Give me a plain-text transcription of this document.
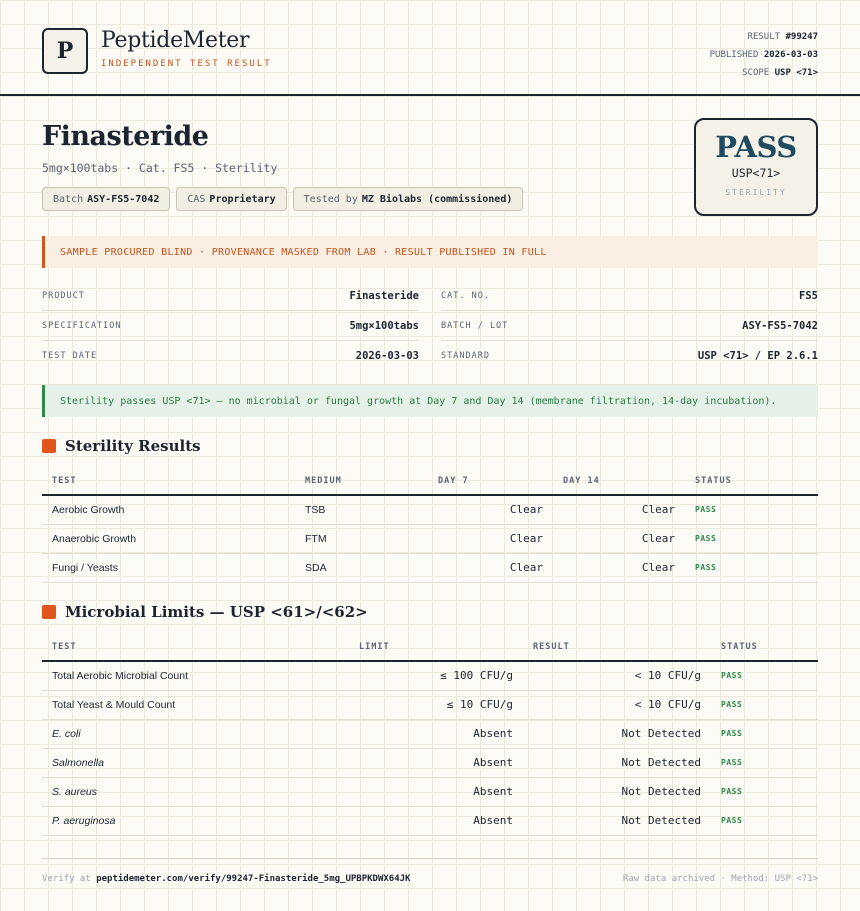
P	PeptideMeter
INDEPENDENT TEST RESULT
RESULT #99247
PUBLISHED 2026-03-03
SCOPE USP <71>
Finasteride
5mg×100tabs · Cat. FS5 · Sterility
Batch ASY-FS5-7042	CAS Proprietary	Tested by MZ Biolabs (commissioned)
PASS
USP<71>
STERILITY
SAMPLE PROCURED BLIND · PROVENANCE MASKED FROM LAB · RESULT PUBLISHED IN FULL
PRODUCT	Finasteride	CAT. NO.	FS5
SPECIFICATION	5mg×100tabs	BATCH / LOT	ASY-FS5-7042
TEST DATE	2026-03-03	STANDARD	USP <71> / EP 2.6.1
Sterility passes USP <71> — no microbial or fungal growth at Day 7 and Day 14 (membrane filtration, 14-day incubation).
Sterility Results
TEST	MEDIUM	DAY 7	DAY 14	STATUS
Aerobic Growth	TSB	Clear	Clear	PASS
Anaerobic Growth	FTM	Clear	Clear	PASS
Fungi / Yeasts	SDA	Clear	Clear	PASS
Microbial Limits — USP <61>/<62>
TEST	LIMIT	RESULT	STATUS
Total Aerobic Microbial Count	≤ 100 CFU/g	< 10 CFU/g	PASS
Total Yeast & Mould Count	≤ 10 CFU/g	< 10 CFU/g	PASS
E. coli	Absent	Not Detected	PASS
Salmonella	Absent	Not Detected	PASS
S. aureus	Absent	Not Detected	PASS
P. aeruginosa	Absent	Not Detected	PASS
Verify at peptidemeter.com/verify/99247-Finasteride_5mg_UPBPKDWX64JK	Raw data archived · Method: USP <71>
